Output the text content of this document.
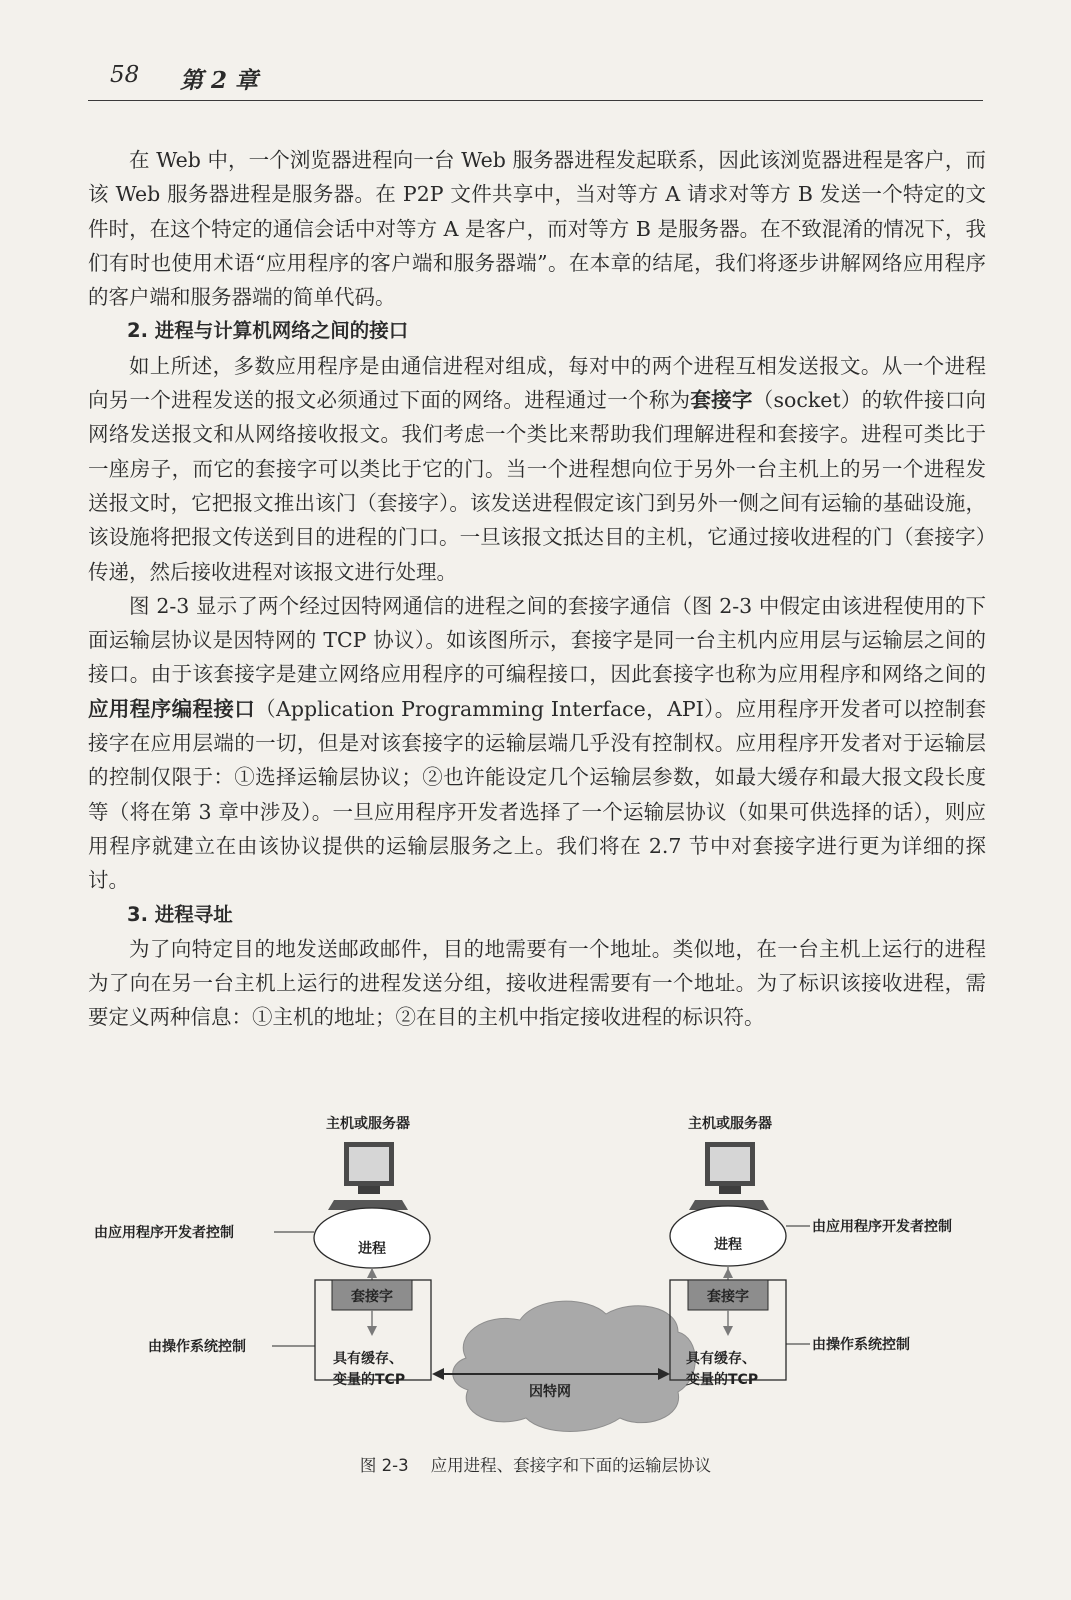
58 第 2 章

在 Web 中，一个浏览器进程向一台 Web 服务器进程发起联系，因此该浏览器进程是客户，而该 Web 服务器进程是服务器。在 P2P 文件共享中，当对等方 A 请求对等方 B 发送一个特定的文件时，在这个特定的通信会话中对等方 A 是客户，而对等方 B 是服务器。在不致混淆的情况下，我们有时也使用术语“应用程序的客户端和服务器端”。在本章的结尾，我们将逐步讲解网络应用程序的客户端和服务器端的简单代码。

2. 进程与计算机网络之间的接口

如上所述，多数应用程序是由通信进程对组成，每对中的两个进程互相发送报文。从一个进程向另一个进程发送的报文必须通过下面的网络。进程通过一个称为套接字（socket）的软件接口向网络发送报文和从网络接收报文。我们考虑一个类比来帮助我们理解进程和套接字。进程可类比于一座房子，而它的套接字可以类比于它的门。当一个进程想向位于另外一台主机上的另一个进程发送报文时，它把报文推出该门（套接字）。该发送进程假定该门到另外一侧之间有运输的基础设施，该设施将把报文传送到目的进程的门口。一旦该报文抵达目的主机，它通过接收进程的门（套接字）传递，然后接收进程对该报文进行处理。

图 2-3 显示了两个经过因特网通信的进程之间的套接字通信（图 2-3 中假定由该进程使用的下面运输层协议是因特网的 TCP 协议）。如该图所示，套接字是同一台主机内应用层与运输层之间的接口。由于该套接字是建立网络应用程序的可编程接口，因此套接字也称为应用程序和网络之间的应用程序编程接口（Application Programming Interface，API）。应用程序开发者可以控制套接字在应用层端的一切，但是对该套接字的运输层端几乎没有控制权。应用程序开发者对于运输层的控制仅限于：①选择运输层协议；②也许能设定几个运输层参数，如最大缓存和最大报文段长度等（将在第 3 章中涉及）。一旦应用程序开发者选择了一个运输层协议（如果可供选择的话），则应用程序就建立在由该协议提供的运输层服务之上。我们将在 2.7 节中对套接字进行更为详细的探讨。

3. 进程寻址

为了向特定目的地发送邮政邮件，目的地需要有一个地址。类似地，在一台主机上运行的进程为了向在另一台主机上运行的进程发送分组，接收进程需要有一个地址。为了标识该接收进程，需要定义两种信息：①主机的地址；②在目的主机中指定接收进程的标识符。

因特网
主机或服务器
进程
套接字
具有缓存、
变量的TCP
由应用程序开发者控制
由操作系统控制
主机或服务器
进程
套接字
具有缓存、
变量的TCP
由应用程序开发者控制
由操作系统控制
图 2-3 应用进程、套接字和下面的运输层协议
